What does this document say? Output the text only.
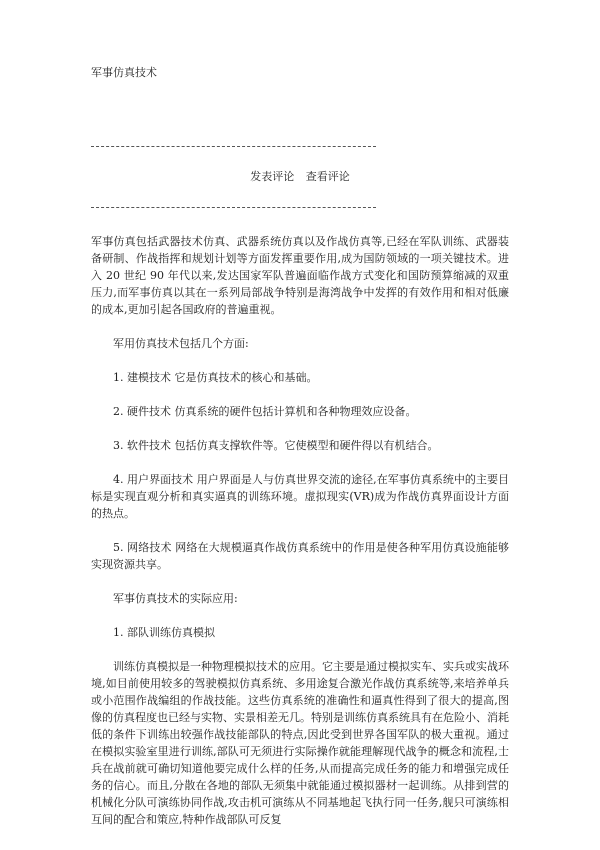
军事仿真技术
发表评论 查看评论

军事仿真包括武器技术仿真、武器系统仿真以及作战仿真等,已经在军队训练、武器装备研制、作战指挥和规划计划等方面发挥重要作用,成为国防领域的一项关键技术。进入 20 世纪 90 年代以来,发达国家军队普遍面临作战方式变化和国防预算缩减的双重压力,而军事仿真以其在一系列局部战争特别是海湾战争中发挥的有效作用和相对低廉的成本,更加引起各国政府的普遍重视。

军用仿真技术包括几个方面:

1. 建模技术 它是仿真技术的核心和基础。

2. 硬件技术 仿真系统的硬件包括计算机和各种物理效应设备。

3. 软件技术 包括仿真支撑软件等。它使模型和硬件得以有机结合。

4. 用户界面技术 用户界面是人与仿真世界交流的途径,在军事仿真系统中的主要目标是实现直观分析和真实逼真的训练环境。虚拟现实(VR)成为作战仿真界面设计方面的热点。

5. 网络技术 网络在大规模逼真作战仿真系统中的作用是使各种军用仿真设施能够实现资源共享。

军事仿真技术的实际应用:

1. 部队训练仿真模拟

训练仿真模拟是一种物理模拟技术的应用。它主要是通过模拟实车、实兵或实战环境,如目前使用较多的驾驶模拟仿真系统、多用途复合激光作战仿真系统等,来培养单兵或小范围作战编组的作战技能。这些仿真系统的准确性和逼真性得到了很大的提高,图像的仿真程度也已经与实物、实景相差无几。特别是训练仿真系统具有在危险小、消耗低的条件下训练出较强作战技能部队的特点,因此受到世界各国军队的极大重视。通过在模拟实验室里进行训练,部队可无须进行实际操作就能理解现代战争的概念和流程,士兵在战前就可确切知道他要完成什么样的任务,从而提高完成任务的能力和增强完成任务的信心。而且,分散在各地的部队无须集中就能通过模拟器材一起训练。从排到营的机械化分队可演练协同作战,攻击机可演练从不同基地起飞执行同一任务,舰只可演练相互间的配合和策应,特种作战部队可反复
